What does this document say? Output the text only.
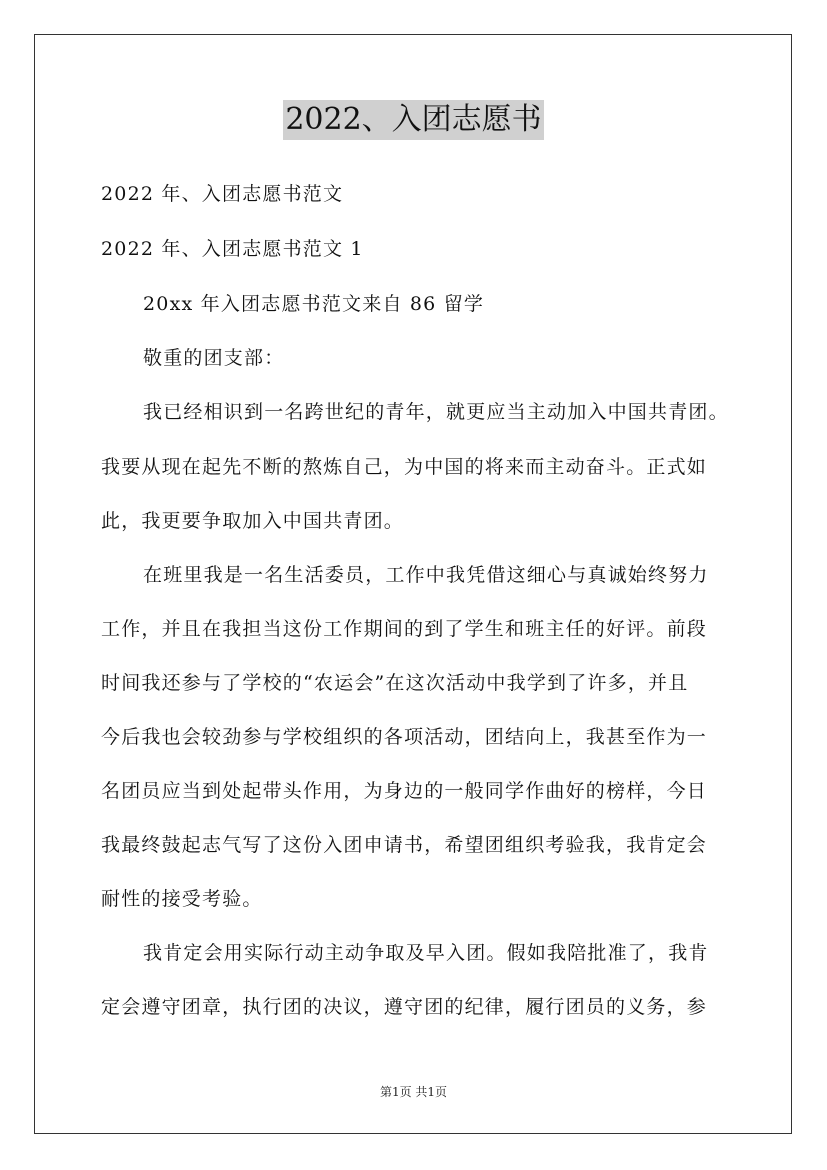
2022、入团志愿书
2022 年、入团志愿书范文
2022 年、入团志愿书范文 1
20xx 年入团志愿书范文来自 86 留学
敬重的团支部：
我已经相识到一名跨世纪的青年，就更应当主动加入中国共青团。
我要从现在起先不断的熬炼自己，为中国的将来而主动奋斗。正式如
此，我更要争取加入中国共青团。
在班里我是一名生活委员，工作中我凭借这细心与真诚始终努力
工作，并且在我担当这份工作期间的到了学生和班主任的好评。前段
时间我还参与了学校的“农运会”在这次活动中我学到了许多，并且
今后我也会较劲参与学校组织的各项活动，团结向上，我甚至作为一
名团员应当到处起带头作用，为身边的一般同学作曲好的榜样，今日
我最终鼓起志气写了这份入团申请书，希望团组织考验我，我肯定会
耐性的接受考验。
我肯定会用实际行动主动争取及早入团。假如我陪批准了，我肯
定会遵守团章，执行团的决议，遵守团的纪律，履行团员的义务，参
第1页 共1页
